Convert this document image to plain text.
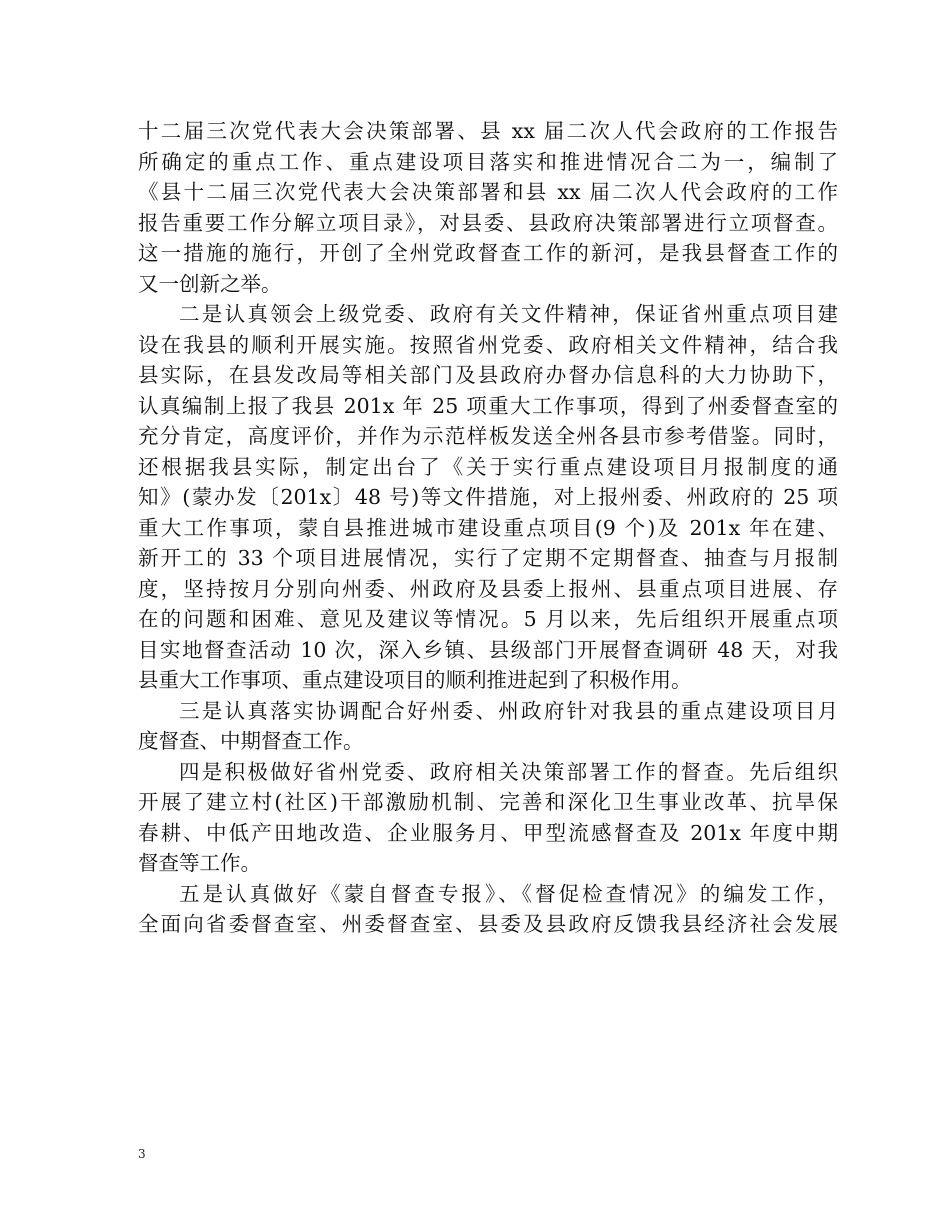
十二届三次党代表大会决策部署、县 xx 届二次人代会政府的工作报告
所确定的重点工作、重点建设项目落实和推进情况合二为一，编制了
《县十二届三次党代表大会决策部署和县 xx 届二次人代会政府的工作
报告重要工作分解立项目录》，对县委、县政府决策部署进行立项督查。
这一措施的施行，开创了全州党政督查工作的新河，是我县督查工作的
又一创新之举。
二是认真领会上级党委、政府有关文件精神，保证省州重点项目建
设在我县的顺利开展实施。按照省州党委、政府相关文件精神，结合我
县实际，在县发改局等相关部门及县政府办督办信息科的大力协助下，
认真编制上报了我县 201x 年 25 项重大工作事项，得到了州委督查室的
充分肯定，高度评价，并作为示范样板发送全州各县市参考借鉴。同时，
还根据我县实际，制定出台了《关于实行重点建设项目月报制度的通
知》(蒙办发〔201x〕48 号)等文件措施，对上报州委、州政府的 25 项
重大工作事项，蒙自县推进城市建设重点项目(9 个)及 201x 年在建、
新开工的 33 个项目进展情况，实行了定期不定期督查、抽查与月报制
度，坚持按月分别向州委、州政府及县委上报州、县重点项目进展、存
在的问题和困难、意见及建议等情况。5 月以来，先后组织开展重点项
目实地督查活动 10 次，深入乡镇、县级部门开展督查调研 48 天，对我
县重大工作事项、重点建设项目的顺利推进起到了积极作用。
三是认真落实协调配合好州委、州政府针对我县的重点建设项目月
度督查、中期督查工作。
四是积极做好省州党委、政府相关决策部署工作的督查。先后组织
开展了建立村(社区)干部激励机制、完善和深化卫生事业改革、抗旱保
春耕、中低产田地改造、企业服务月、甲型流感督查及 201x 年度中期
督查等工作。
五是认真做好《蒙自督查专报》、《督促检查情况》的编发工作，
全面向省委督查室、州委督查室、县委及县政府反馈我县经济社会发展
3
